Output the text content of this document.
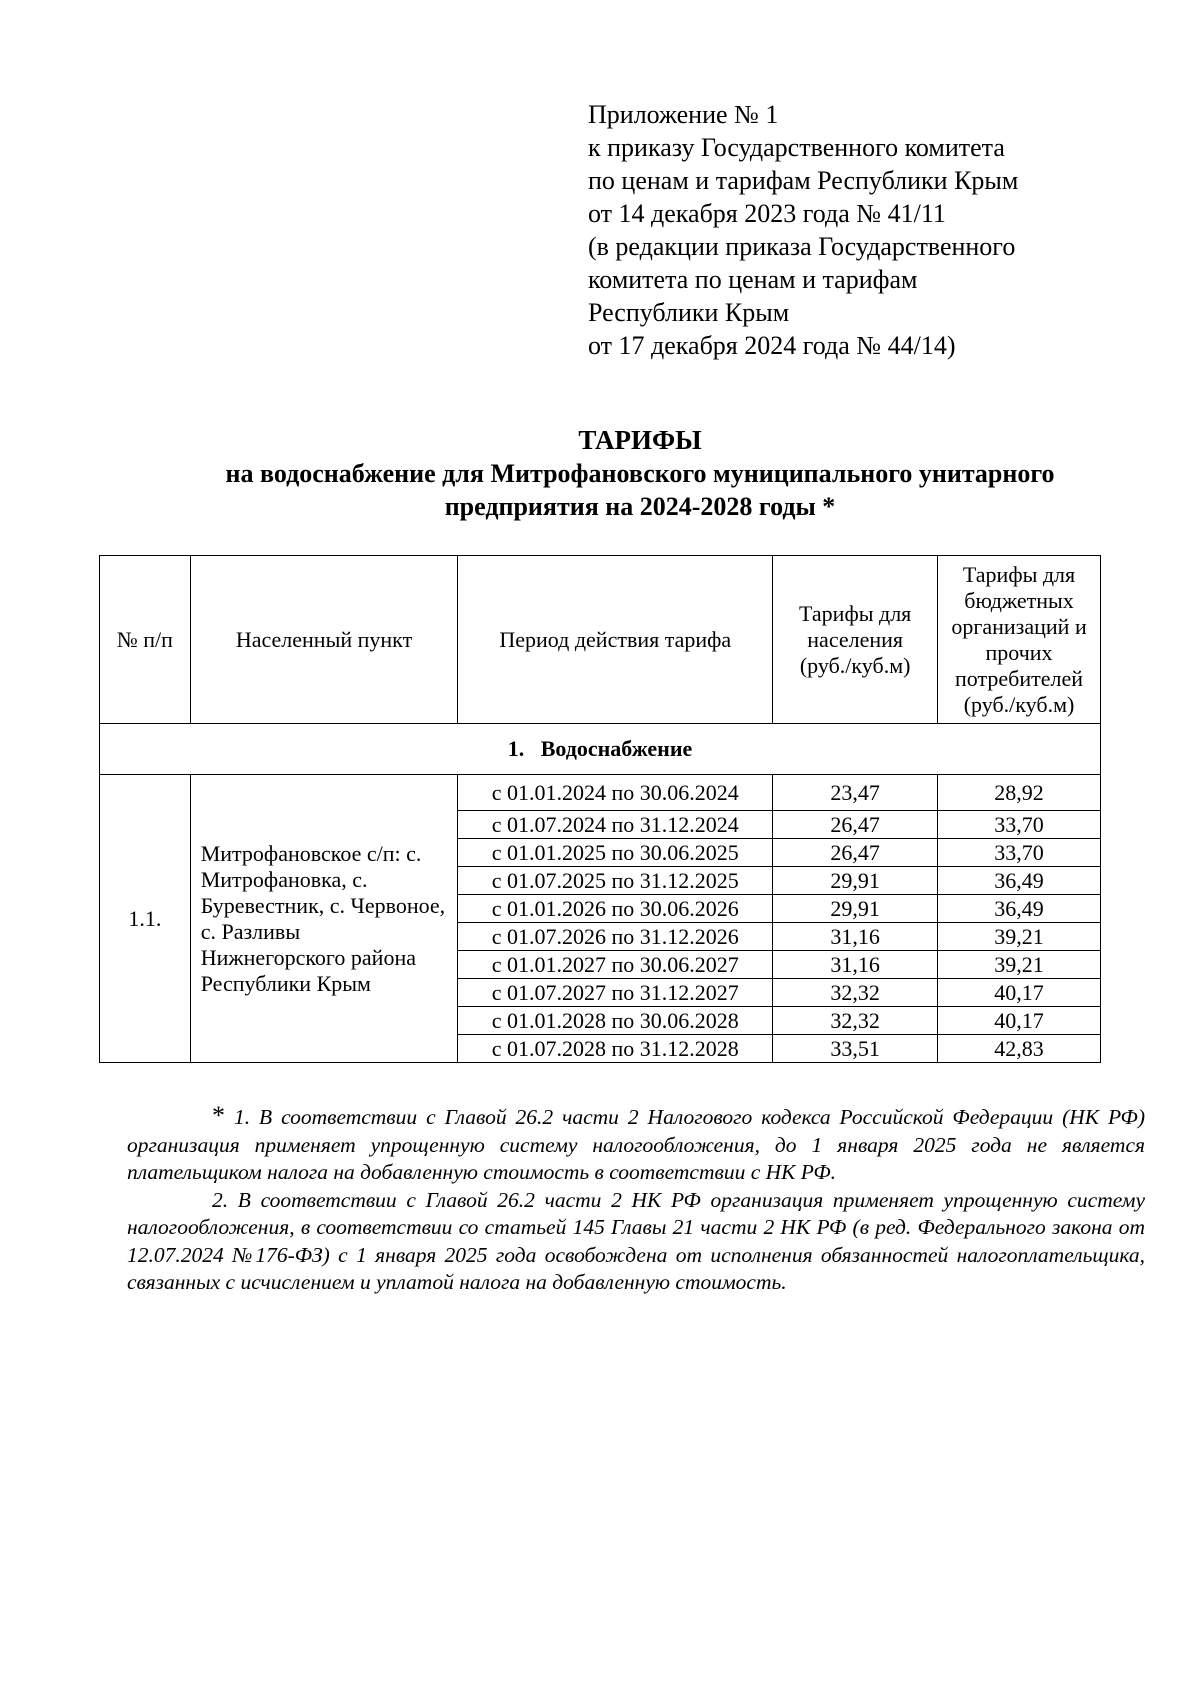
Приложение № 1
к приказу Государственного комитета
по ценам и тарифам Республики Крым
от 14 декабря 2023 года № 41/11
(в редакции приказа Государственного
комитета по ценам и тарифам
Республики Крым
от 17 декабря 2024 года № 44/14)
ТАРИФЫ
на водоснабжение для Митрофановского муниципального унитарного
предприятия на 2024-2028 годы *
№ п/п	Населенный пункт	Период действия тарифа	Тарифы для населения (руб./куб.м)	Тарифы для бюджетных организаций и прочих потребителей (руб./куб.м)
1.   Водоснабжение				
1.1.	Митрофановское с/п: с. Митрофановка, с. Буревестник, с. Червоное, с. Разливы Нижнегорского района Республики Крым	с 01.01.2024 по 30.06.2024	23,47	28,92
		с 01.07.2024 по 31.12.2024	26,47	33,70
		с 01.01.2025 по 30.06.2025	26,47	33,70
		с 01.07.2025 по 31.12.2025	29,91	36,49
		с 01.01.2026 по 30.06.2026	29,91	36,49
		с 01.07.2026 по 31.12.2026	31,16	39,21
		с 01.01.2027 по 30.06.2027	31,16	39,21
		с 01.07.2027 по 31.12.2027	32,32	40,17
		с 01.01.2028 по 30.06.2028	32,32	40,17
		с 01.07.2028 по 31.12.2028	33,51	42,83

* 1. В соответствии с Главой 26.2 части 2 Налогового кодекса Российской Федерации (НК РФ) организация применяет упрощенную систему налогообложения, до 1 января 2025 года не является плательщиком налога на добавленную стоимость в соответствии с НК РФ.

2. В соответствии с Главой 26.2 части 2 НК РФ организация применяет упрощенную систему налогообложения, в соответствии со статьей 145 Главы 21 части 2 НК РФ (в ред. Федерального закона от 12.07.2024 №176-ФЗ) с 1 января 2025 года освобождена от исполнения обязанностей налогоплательщика, связанных с исчислением и уплатой налога на добавленную стоимость.
